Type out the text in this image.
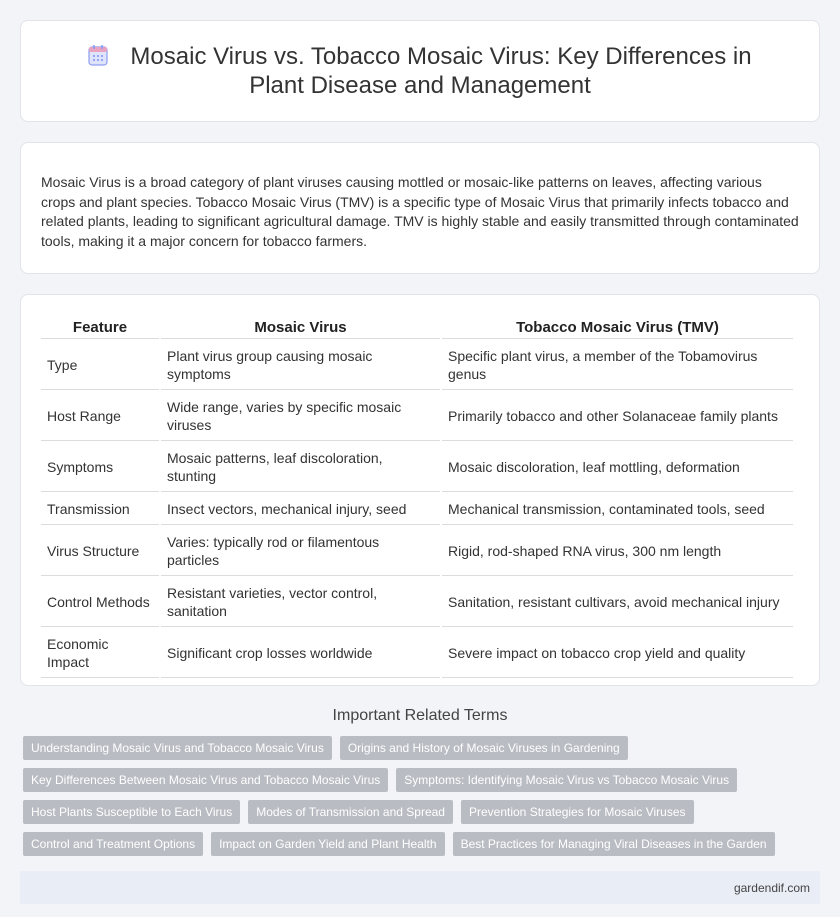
Mosaic Virus vs. Tobacco Mosaic Virus: Key Differences in Plant Disease and Management

Mosaic Virus is a broad category of plant viruses causing mottled or mosaic-like patterns on leaves, affecting various crops and plant species. Tobacco Mosaic Virus (TMV) is a specific type of Mosaic Virus that primarily infects tobacco and related plants, leading to significant agricultural damage. TMV is highly stable and easily transmitted through contaminated tools, making it a major concern for tobacco farmers.

Feature	Mosaic Virus	Tobacco Mosaic Virus (TMV)
Type	Plant virus group causing mosaic symptoms	Specific plant virus, a member of the Tobamovirus genus
Host Range	Wide range, varies by specific mosaic viruses	Primarily tobacco and other Solanaceae family plants
Symptoms	Mosaic patterns, leaf discoloration, stunting	Mosaic discoloration, leaf mottling, deformation
Transmission	Insect vectors, mechanical injury, seed	Mechanical transmission, contaminated tools, seed
Virus Structure	Varies: typically rod or filamentous particles	Rigid, rod-shaped RNA virus, 300 nm length
Control Methods	Resistant varieties, vector control, sanitation	Sanitation, resistant cultivars, avoid mechanical injury
Economic Impact	Significant crop losses worldwide	Severe impact on tobacco crop yield and quality
Important Related Terms
Understanding Mosaic Virus and Tobacco Mosaic Virus	Origins and History of Mosaic Viruses in Gardening
Key Differences Between Mosaic Virus and Tobacco Mosaic Virus	Symptoms: Identifying Mosaic Virus vs Tobacco Mosaic Virus
Host Plants Susceptible to Each Virus	Modes of Transmission and Spread	Prevention Strategies for Mosaic Viruses
Control and Treatment Options	Impact on Garden Yield and Plant Health	Best Practices for Managing Viral Diseases in the Garden
gardendif.com
